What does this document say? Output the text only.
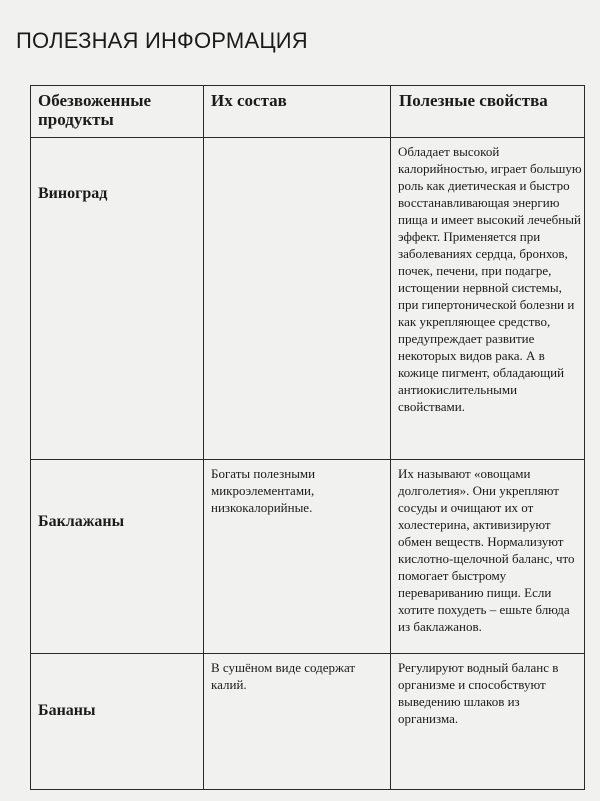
ПОЛЕЗНАЯ ИНФОРМАЦИЯ
Обезвоженные продукты
Их состав	Полезные свойства
Виноград
Обладает высокой калорийностью, играет большую роль как диетическая и быстро восстанавливающая энергию пища и имеет высокий лечебный эффект. Применяется при заболеваниях сердца, бронхов, почек, печени, при подагре, истощении нервной системы, при гипертонической болезни и как укрепляющее средство, предупреждает развитие некоторых видов рака. А в кожице пигмент, обладающий антиокислительными свойствами.
Баклажаны
Богаты полезными микроэлементами, низкокалорийные.
Их называют «овощами долголетия». Они укрепляют сосуды и очищают их от холестерина, активизируют обмен веществ. Нормализуют кислотно-щелочной баланс, что помогает быстрому перевариванию пищи. Если хотите похудеть – ешьте блюда из баклажанов.
Бананы
В сушёном виде содержат калий.
Регулируют водный баланс в организме и способствуют выведению шлаков из организма.
